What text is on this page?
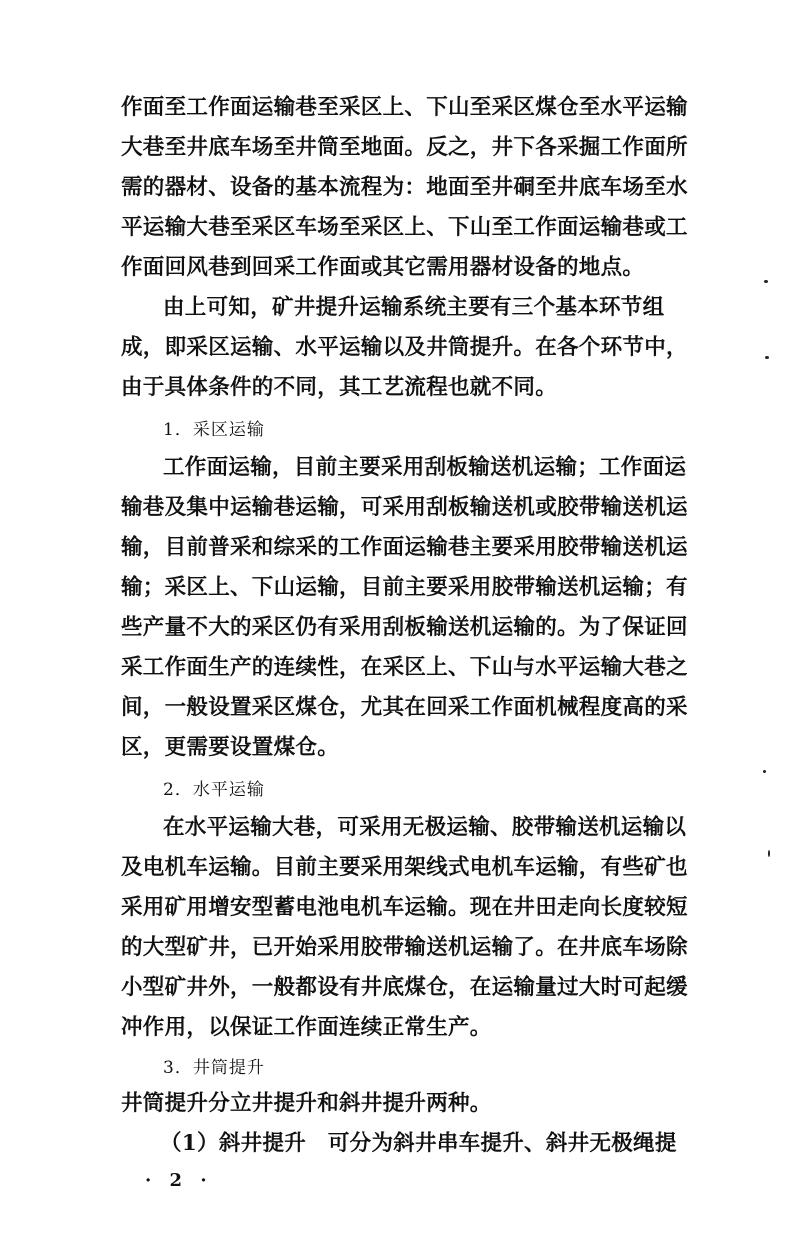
作面至工作面运输巷至采区上、下山至采区煤仓至水平运输
大巷至井底车场至井筒至地面。反之，井下各采掘工作面所
需的器材、设备的基本流程为：地面至井硐至井底车场至水
平运输大巷至采区车场至采区上、下山至工作面运输巷或工
作面回风巷到回采工作面或其它需用器材设备的地点。
由上可知，矿井提升运输系统主要有三个基本环节组
成，即采区运输、水平运输以及井筒提升。在各个环节中，
由于具体条件的不同，其工艺流程也就不同。
1．采区运输
工作面运输，目前主要采用刮板输送机运输；工作面运
输巷及集中运输巷运输，可采用刮板输送机或胶带输送机运
输，目前普采和综采的工作面运输巷主要采用胶带输送机运
输；采区上、下山运输，目前主要采用胶带输送机运输；有
些产量不大的采区仍有采用刮板输送机运输的。为了保证回
采工作面生产的连续性，在采区上、下山与水平运输大巷之
间，一般设置采区煤仓，尤其在回采工作面机械程度高的采
区，更需要设置煤仓。
2．水平运输
在水平运输大巷，可采用无极运输、胶带输送机运输以
及电机车运输。目前主要采用架线式电机车运输，有些矿也
采用矿用增安型蓄电池电机车运输。现在井田走向长度较短
的大型矿井，已开始采用胶带输送机运输了。在井底车场除
小型矿井外，一般都设有井底煤仓，在运输量过大时可起缓
冲作用，以保证工作面连续正常生产。
3．井筒提升
井筒提升分立井提升和斜井提升两种。
（1）斜井提升　可分为斜井串车提升、斜井无极绳提
· 2 ·
